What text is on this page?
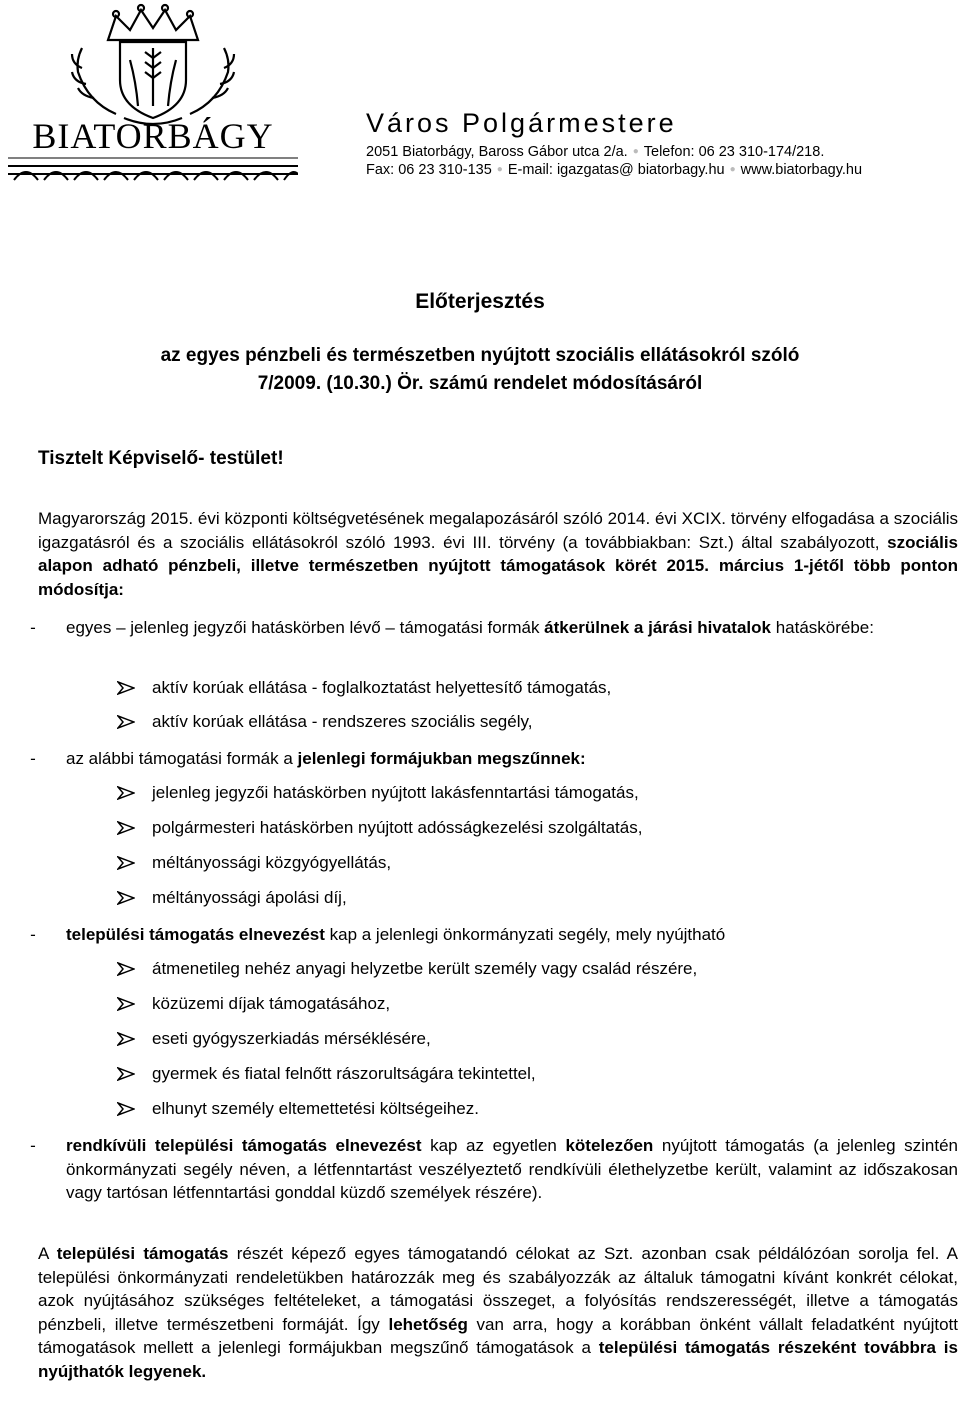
BIATORBÁGY	Város Polgármestere
2051 Biatorbágy, Baross Gábor utca 2/a. ● Telefon: 06 23 310-174/218.
Fax: 06 23 310-135 ● E-mail: igazgatas@ biatorbagy.hu ● www.biatorbagy.hu
Előterjesztés
az egyes pénzbeli és természetben nyújtott szociális ellátásokról szóló
7/2009. (10.30.) Ör. számú rendelet módosításáról
Tisztelt Képviselő- testület!
Magyarország 2015. évi központi költségvetésének megalapozásáról szóló 2014. évi XCIX. törvény elfogadása a szociális igazgatásról és a szociális ellátásokról szóló 1993. évi III. törvény (a továbbiakban: Szt.) által szabályozott, szociális alapon adható pénzbeli, illetve természetben nyújtott támogatások körét 2015. március 1-jétől több ponton módosítja:
-	egyes – jelenleg jegyzői hatáskörben lévő – támogatási formák átkerülnek a járási hivatalok hatáskörébe:
aktív korúak ellátása - foglalkoztatást helyettesítő támogatás,
aktív korúak ellátása - rendszeres szociális segély,
-	az alábbi támogatási formák a jelenlegi formájukban megszűnnek:
jelenleg jegyzői hatáskörben nyújtott lakásfenntartási támogatás,
polgármesteri hatáskörben nyújtott adósságkezelési szolgáltatás,
méltányossági közgyógyellátás,
méltányossági ápolási díj,
-	települési támogatás elnevezést kap a jelenlegi önkormányzati segély, mely nyújtható
átmenetileg nehéz anyagi helyzetbe került személy vagy család részére,
közüzemi díjak támogatásához,
eseti gyógyszerkiadás mérséklésére,
gyermek és fiatal felnőtt rászorultságára tekintettel,
elhunyt személy eltemettetési költségeihez.
-	rendkívüli települési támogatás elnevezést kap az egyetlen kötelezően nyújtott támogatás (a jelenleg szintén önkormányzati segély néven, a létfenntartást veszélyeztető rendkívüli élethelyzetbe került, valamint az időszakosan vagy tartósan létfenntartási gonddal küzdő személyek részére).
A települési támogatás részét képező egyes támogatandó célokat az Szt. azonban csak példálózóan sorolja fel. A települési önkormányzati rendeletükben határozzák meg és szabályozzák az általuk támogatni kívánt konkrét célokat, azok nyújtásához szükséges feltételeket, a támogatási összeget, a folyósítás rendszerességét, illetve a támogatás pénzbeli, illetve természetbeni formáját. Így lehetőség van arra, hogy a korábban önként vállalt feladatként nyújtott támogatások mellett a jelenlegi formájukban megszűnő támogatások a települési támogatás részeként továbbra is nyújthatók legyenek.
